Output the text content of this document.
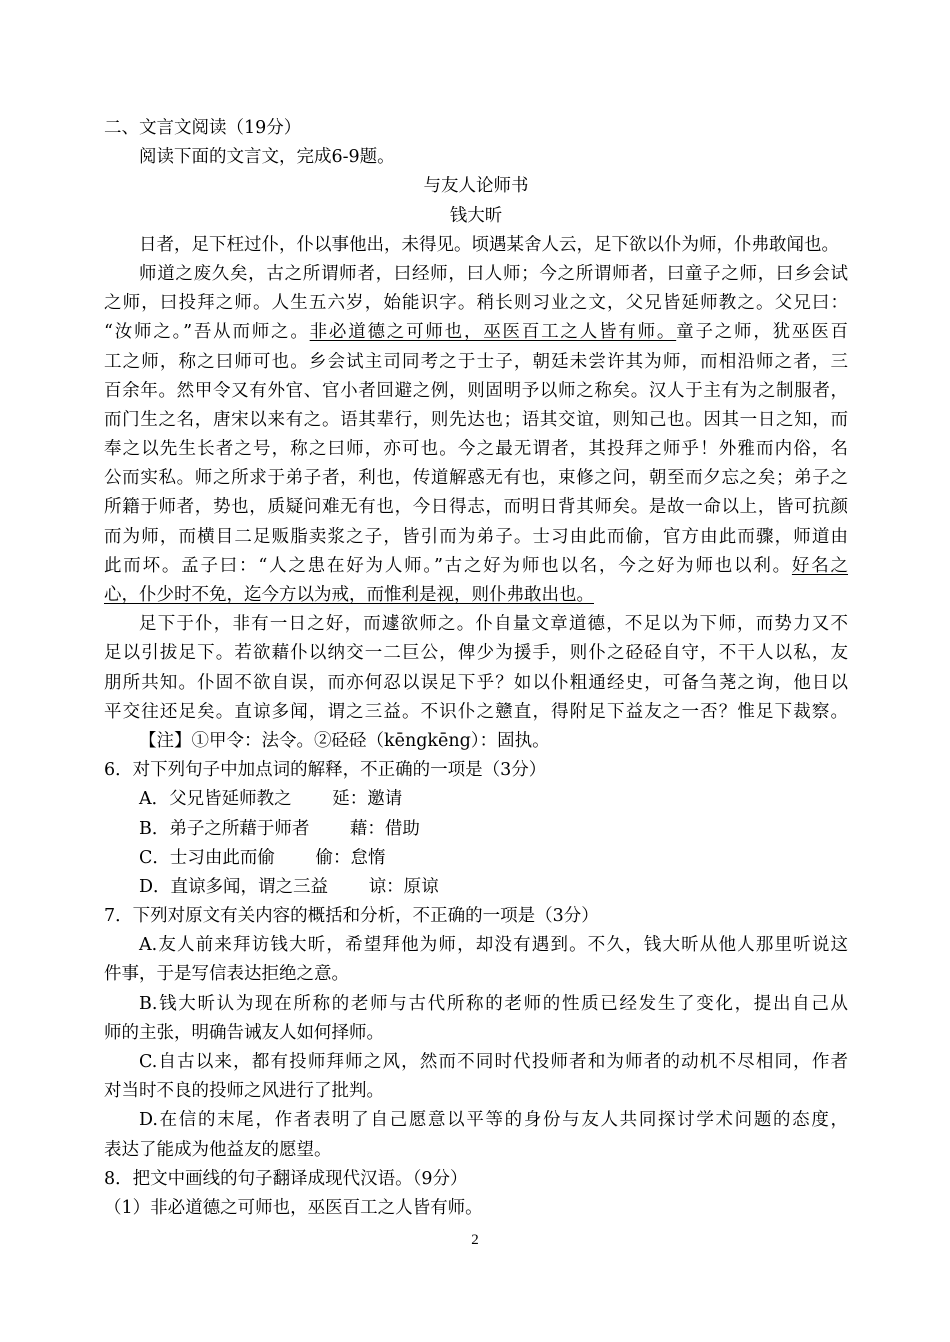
二、文言文阅读（19分）
阅读下面的文言文，完成6-9题。
与友人论师书
钱大昕
日者，足下枉过仆，仆以事他出，未得见。顷遇某舍人云，足下欲以仆为师，仆弗敢闻也。
师道之废久矣，古之所谓师者，曰经师，曰人师；今之所谓师者，曰童子之师，曰乡会试
之师，曰投拜之师。人生五六岁，始能识字。稍长则习业之文，父兄皆延师教之。父兄曰：
“汝师之。”吾从而师之。非必道德之可师也，巫医百工之人皆有师。童子之师，犹巫医百
工之师，称之曰师可也。乡会试主司同考之于士子，朝廷未尝许其为师，而相沿师之者，三
百余年。然甲令又有外官、官小者回避之例，则固明予以师之称矣。汉人于主有为之制服者，
而门生之名，唐宋以来有之。语其辈行，则先达也；语其交谊，则知己也。因其一日之知，而
奉之以先生长者之号，称之曰师，亦可也。今之最无谓者，其投拜之师乎！外雅而内俗，名
公而实私。师之所求于弟子者，利也，传道解惑无有也，束修之问，朝至而夕忘之矣；弟子之
所籍于师者，势也，质疑问难无有也，今日得志，而明日背其师矣。是故一命以上，皆可抗颜
而为师，而横目二足贩脂卖浆之子，皆引而为弟子。士习由此而偷，官方由此而骤，师道由
此而坏。孟子曰：“人之患在好为人师。”古之好为师也以名，今之好为师也以利。好名之
心，仆少时不免，迄今方以为戒，而惟利是视，则仆弗敢出也。
足下于仆，非有一日之好，而遽欲师之。仆自量文章道德，不足以为下师，而势力又不
足以引拔足下。若欲藉仆以纳交一二巨公，俾少为援手，则仆之硁硁自守，不干人以私，友
朋所共知。仆固不欲自误，而亦何忍以误足下乎？如以仆粗通经史，可备刍荛之询，他日以
平交往还足矣。直谅多闻，谓之三益。不识仆之戆直，得附足下益友之一否？惟足下裁察。
【注】①甲令：法令。②硁硁（kēngkēng）：固执。
6．对下列句子中加点词的解释，不正确的一项是（3分）
A．父兄皆延师教之　　 延：邀请
B．弟子之所藉于师者　　 藉：借助
C．士习由此而偷　　 偷：怠惰
D．直谅多闻，谓之三益　　 谅：原谅
7．下列对原文有关内容的概括和分析，不正确的一项是（3分）
A.友人前来拜访钱大昕，希望拜他为师，却没有遇到。不久，钱大昕从他人那里听说这
件事，于是写信表达拒绝之意。
B.钱大昕认为现在所称的老师与古代所称的老师的性质已经发生了变化，提出自己从
师的主张，明确告诫友人如何择师。
C.自古以来，都有投师拜师之风，然而不同时代投师者和为师者的动机不尽相同，作者
对当时不良的投师之风进行了批判。
D.在信的末尾，作者表明了自己愿意以平等的身份与友人共同探讨学术问题的态度，
表达了能成为他益友的愿望。
8．把文中画线的句子翻译成现代汉语。（9分）
（1）非必道德之可师也，巫医百工之人皆有师。
2
